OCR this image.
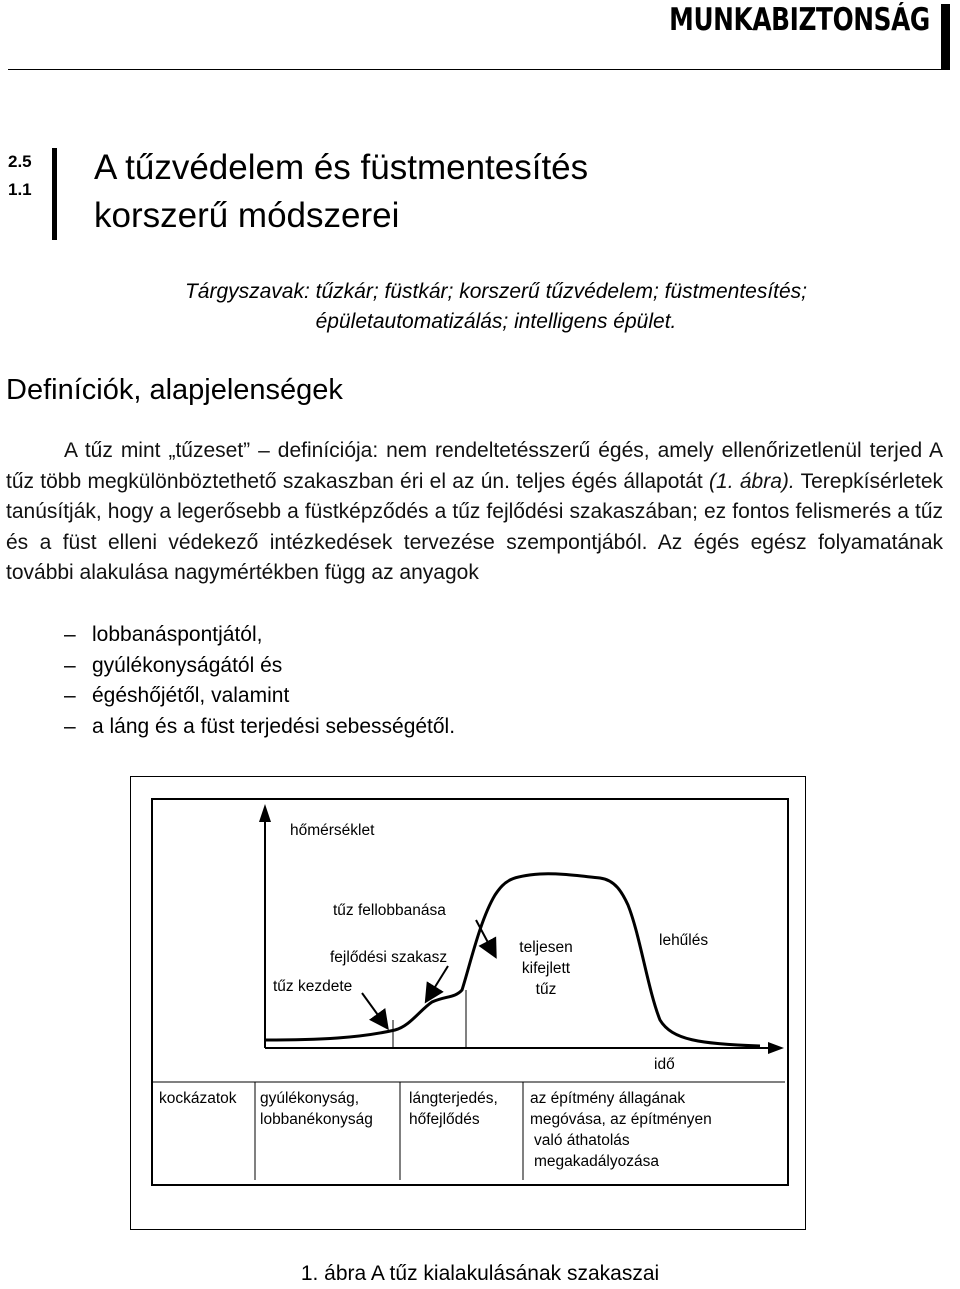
MUNKABIZTONSÁG
2.5
1.1
A tűzvédelem és füstmentesítés
korszerű módszerei
Tárgyszavak: tűzkár; füstkár; korszerű tűzvédelem; füstmentesítés;
épületautomatizálás; intelligens épület.
Definíciók, alapjelenségek

A tűz mint „tűzeset” – definíciója: nem rendeltetésszerű égés, amely ellenőrizetlenül terjed A tűz több megkülönböztethető szakaszban éri el az ún. teljes égés állapotát (1. ábra). Terepkísérletek tanúsítják, hogy a legerősebb a füstképződés a tűz fejlődési szakaszában; ez fontos felismerés a tűz és a füst elleni védekező intézkedések tervezése szempontjából. Az égés egész folyamatának további alakulása nagymértékben függ az anyagok

– lobbanáspontjától,
– gyúlékonyságától és
– égéshőjétől, valamint
– a láng és a füst terjedési sebességétől.
hőmérséklet
tűz fellobbanása
fejlődési szakasz
tűz kezdete
teljesen
kifejlett
tűz
lehűlés
idő
kockázatok gyúlékonyság,
lobbanékonyság
lángterjedés,
hőfejlődés
az építmény állagának
megóvása, az építményen
való áthatolás
megakadályozása
1. ábra A tűz kialakulásának szakaszai
